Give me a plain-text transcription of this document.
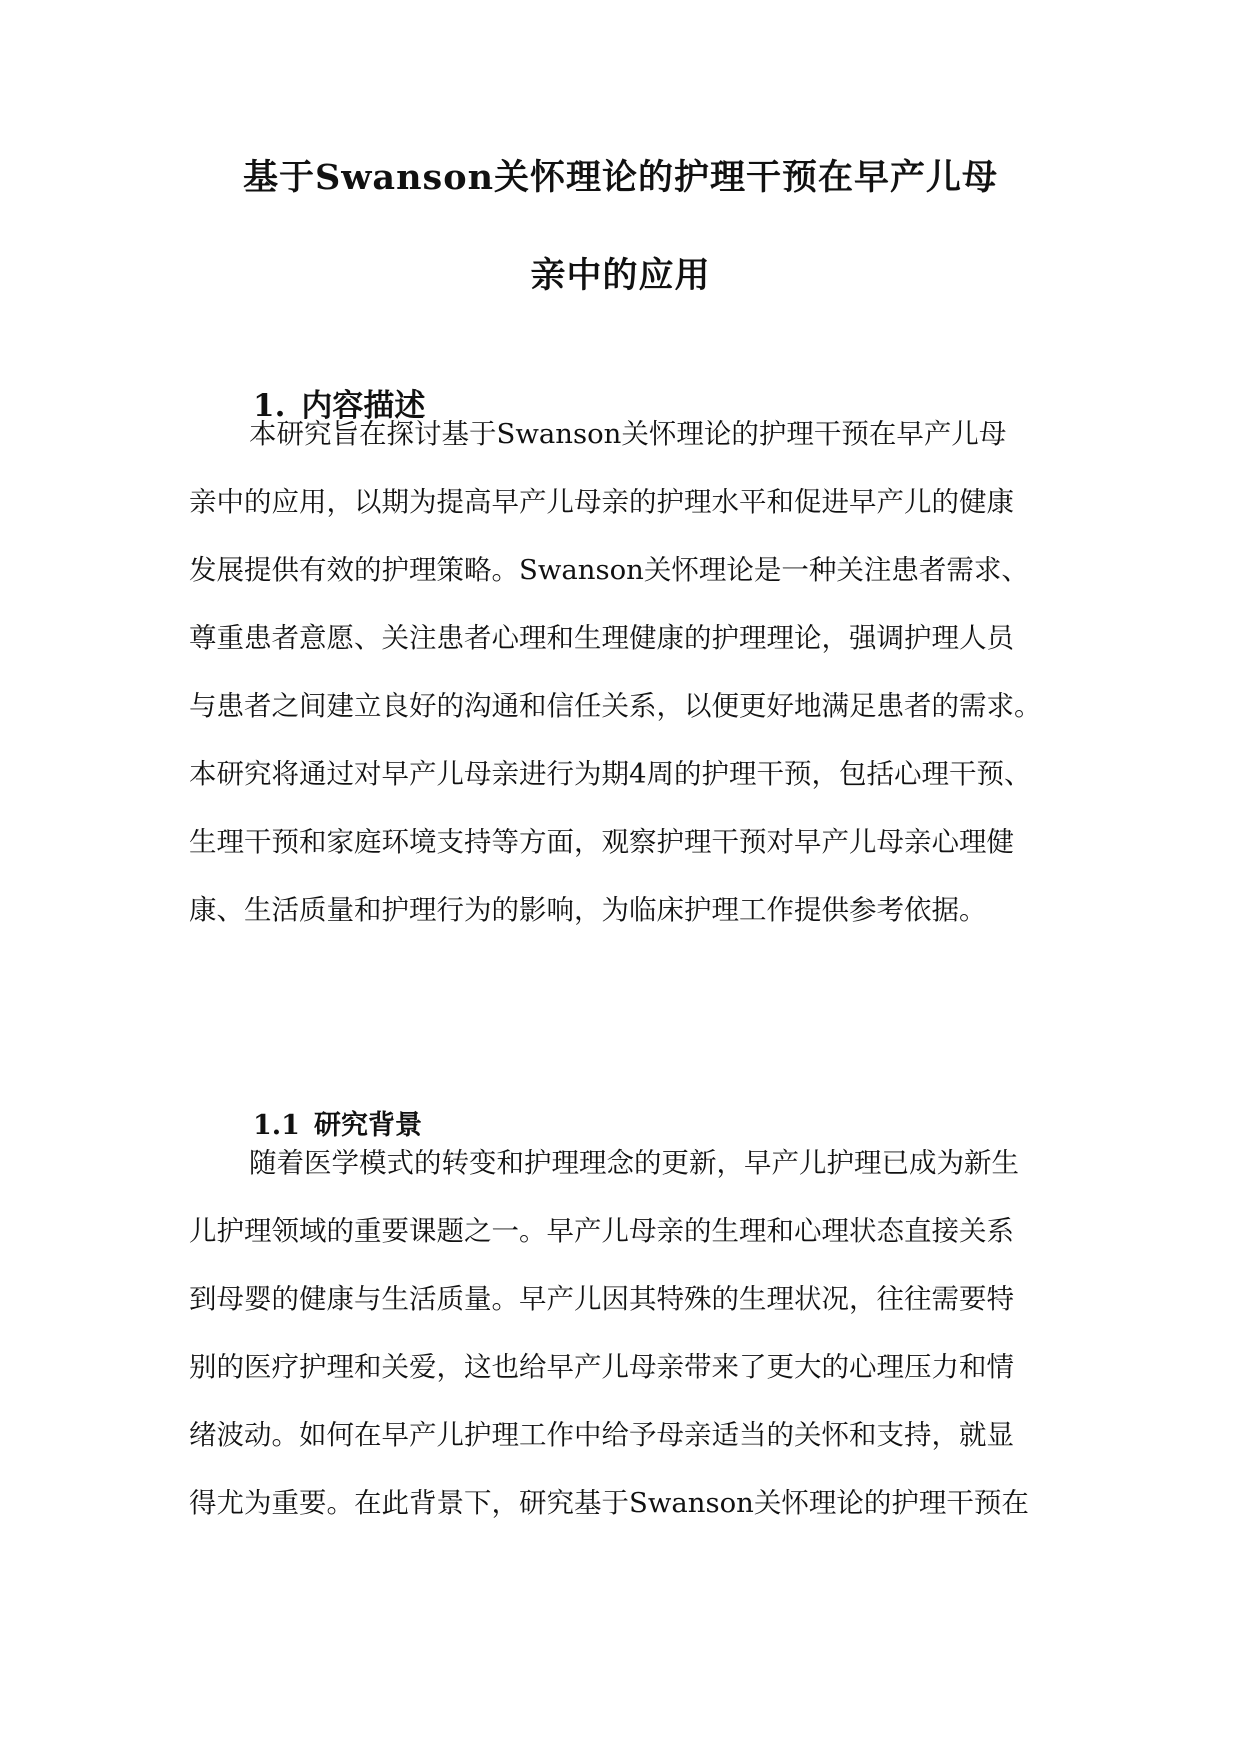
基于Swanson关怀理论的护理干预在早产儿母
亲中的应用
1. 内容描述
本研究旨在探讨基于Swanson关怀理论的护理干预在早产儿母
亲中的应用，以期为提高早产儿母亲的护理水平和促进早产儿的健康
发展提供有效的护理策略。Swanson关怀理论是一种关注患者需求、
尊重患者意愿、关注患者心理和生理健康的护理理论，强调护理人员
与患者之间建立良好的沟通和信任关系，以便更好地满足患者的需求。
本研究将通过对早产儿母亲进行为期4周的护理干预，包括心理干预、
生理干预和家庭环境支持等方面，观察护理干预对早产儿母亲心理健
康、生活质量和护理行为的影响，为临床护理工作提供参考依据。
1.1 研究背景
随着医学模式的转变和护理理念的更新，早产儿护理已成为新生
儿护理领域的重要课题之一。早产儿母亲的生理和心理状态直接关系
到母婴的健康与生活质量。早产儿因其特殊的生理状况，往往需要特
别的医疗护理和关爱，这也给早产儿母亲带来了更大的心理压力和情
绪波动。如何在早产儿护理工作中给予母亲适当的关怀和支持，就显
得尤为重要。在此背景下，研究基于Swanson关怀理论的护理干预在
